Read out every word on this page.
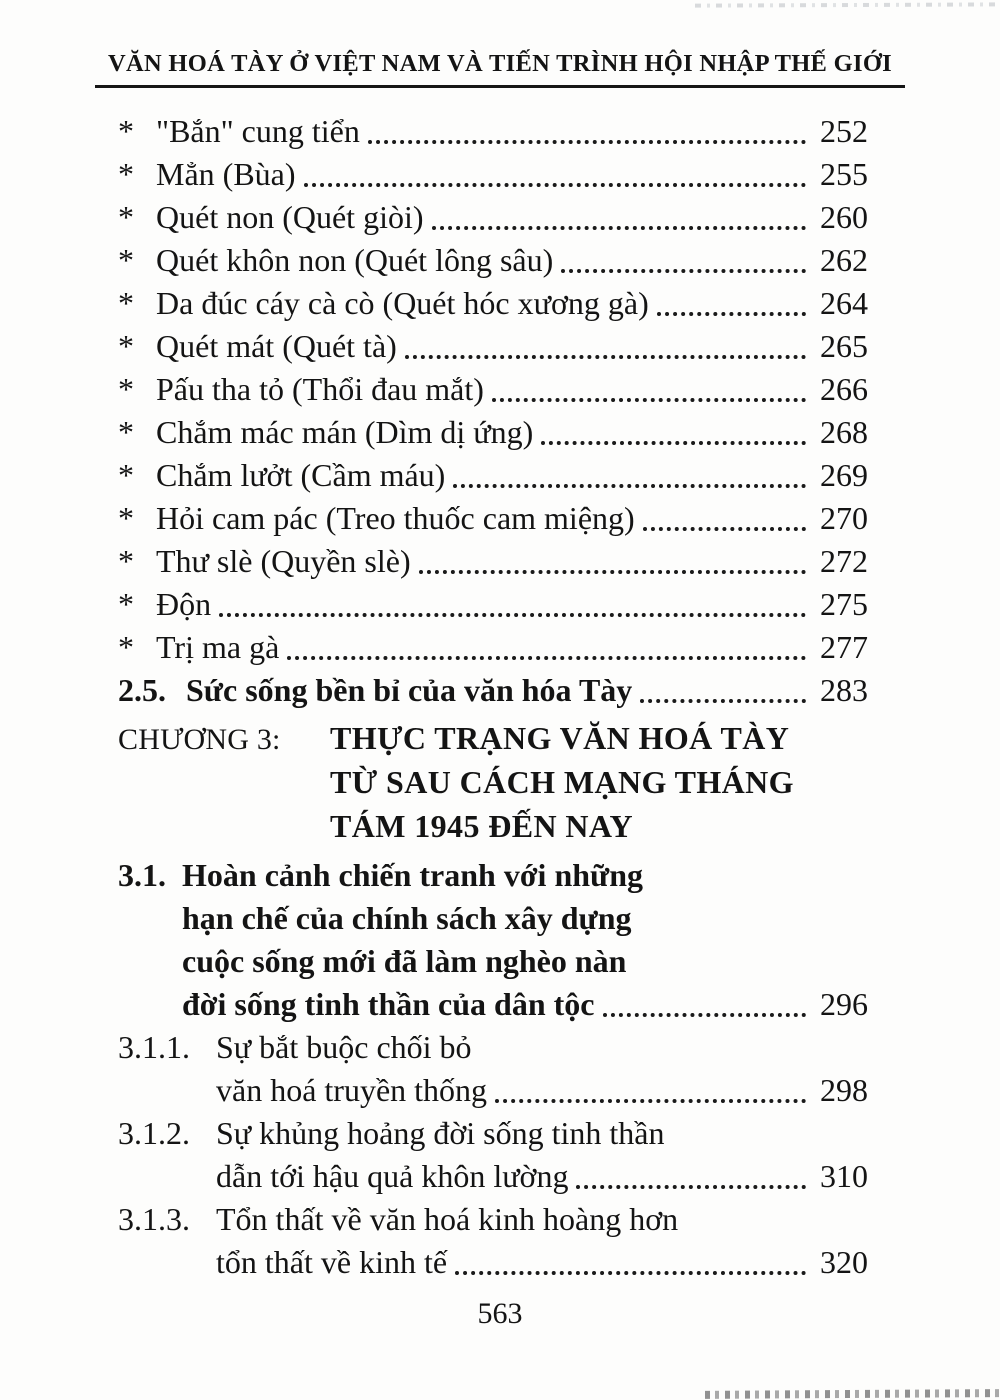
VĂN HOÁ TÀY Ở VIỆT NAM VÀ TIẾN TRÌNH HỘI NHẬP THẾ GIỚI
* "Bắn" cung tiển	252
* Mẳn (Bùa)	255
* Quét non (Quét giòi)	260
* Quét khôn non (Quét lông sâu)	262
* Da đúc cáy cà cò (Quét hóc xương gà)	264
* Quét mát (Quét tà)	265
* Pấu tha tỏ (Thổi đau mắt)	266
* Chắm mác mán (Dìm dị ứng)	268
* Chắm lưởt (Cầm máu)	269
* Hỏi cam pác (Treo thuốc cam miệng)	270
* Thư slè (Quyền slè)	272
* Độn	275
* Trị ma gà	277
2.5. Sức sống bền bỉ của văn hóa Tày	283
CHƯƠNG 3:	THỰC TRẠNG VĂN HOÁ TÀY
TỪ SAU CÁCH MẠNG THÁNG
TÁM 1945 ĐẾN NAY
3.1. Hoàn cảnh chiến tranh với những
hạn chế của chính sách xây dựng
cuộc sống mới đã làm nghèo nàn
đời sống tinh thần của dân tộc	296
3.1.1. Sự bắt buộc chối bỏ
văn hoá truyền thống	298
3.1.2. Sự khủng hoảng đời sống tinh thần
dẫn tới hậu quả khôn lường	310
3.1.3. Tổn thất về văn hoá kinh hoàng hơn
tổn thất về kinh tế	320
563
